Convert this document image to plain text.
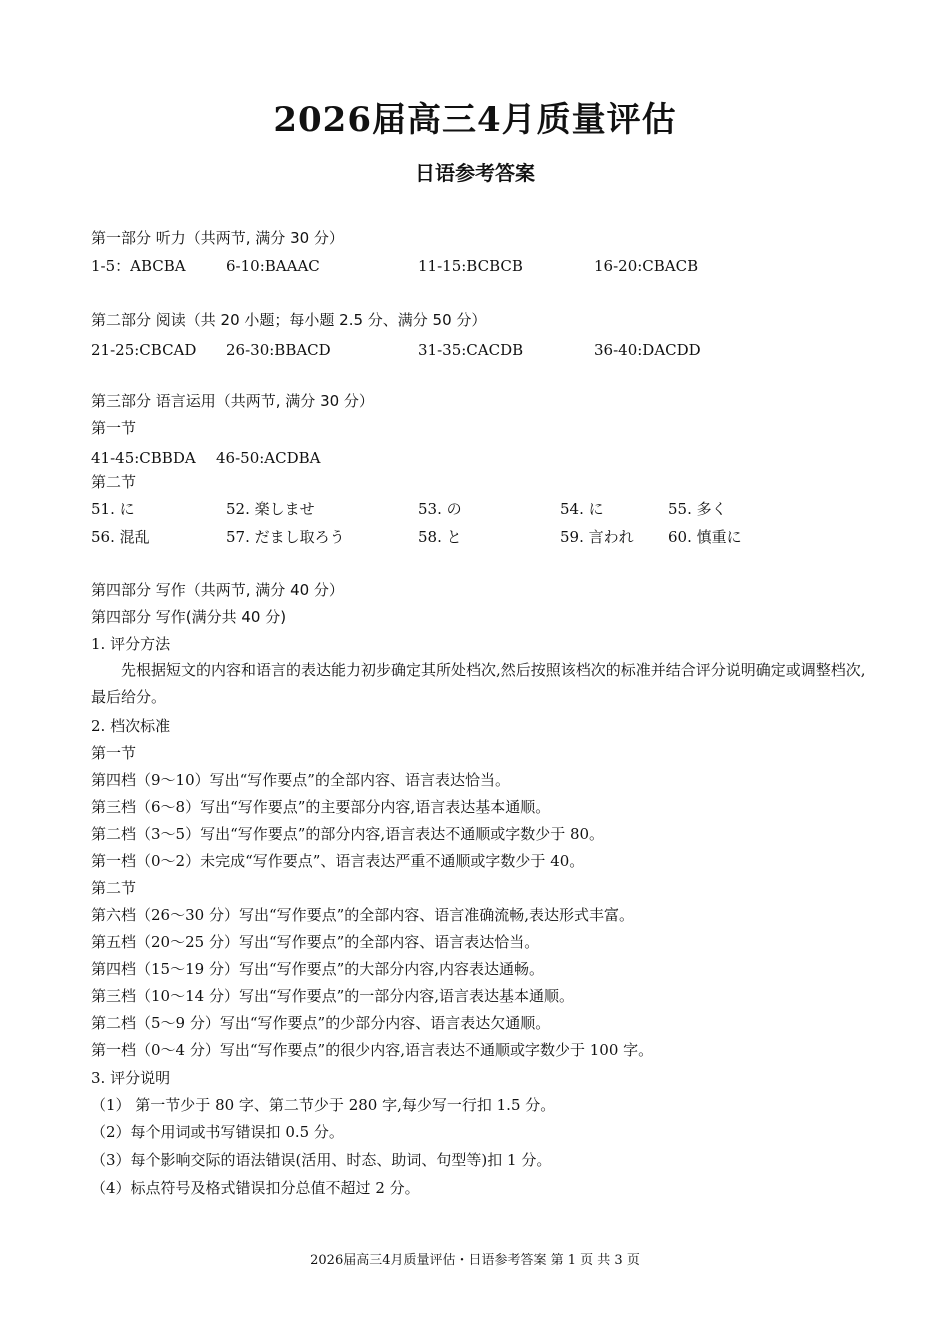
2026届高三4月质量评估
日语参考答案
第一部分 听力（共两节, 满分 30 分）
1-5：ABCBA	6-10:BAAAC	11-15:BCBCB	16-20:CBACB
第二部分 阅读（共 20 小题；每小题 2.5 分、满分 50 分）
21-25:CBCAD 26-30:BBACD	31-35:CACDB	36-40:DACDD
第三部分 语言运用（共两节, 满分 30 分）
第一节
41-45:CBBDA 46-50:ACDBA
第二节
51. に	52. 楽しませ	53. の	54. に	55. 多く
56. 混乱	57. だまし取ろう	58. と	59. 言われ 60. 慎重に
第四部分 写作（共两节, 满分 40 分）
第四部分 写作(满分共 40 分)
1. 评分方法
先根据短文的内容和语言的表达能力初步确定其所处档次,然后按照该档次的标准并结合评分说明确定或调整档次,最后给分。
2. 档次标准
第一节
第四档（9～10）写出“写作要点”的全部内容、语言表达恰当。
第三档（6～8）写出“写作要点”的主要部分内容,语言表达基本通顺。
第二档（3～5）写出“写作要点”的部分内容,语言表达不通顺或字数少于 80。
第一档（0～2）未完成“写作要点”、语言表达严重不通顺或字数少于 40。
第二节
第六档（26～30 分）写出“写作要点”的全部内容、语言准确流畅,表达形式丰富。
第五档（20～25 分）写出“写作要点”的全部内容、语言表达恰当。
第四档（15～19 分）写出“写作要点”的大部分内容,内容表达通畅。
第三档（10～14 分）写出“写作要点”的一部分内容,语言表达基本通顺。
第二档（5～9 分）写出“写作要点”的少部分内容、语言表达欠通顺。
第一档（0～4 分）写出“写作要点”的很少内容,语言表达不通顺或字数少于 100 字。
3. 评分说明
（1） 第一节少于 80 字、第二节少于 280 字,每少写一行扣 1.5 分。
（2）每个用词或书写错误扣 0.5 分。
（3）每个影响交际的语法错误(活用、时态、助词、句型等)扣 1 分。
（4）标点符号及格式错误扣分总值不超过 2 分。
2026届高三4月质量评估・日语参考答案 第 1 页 共 3 页
